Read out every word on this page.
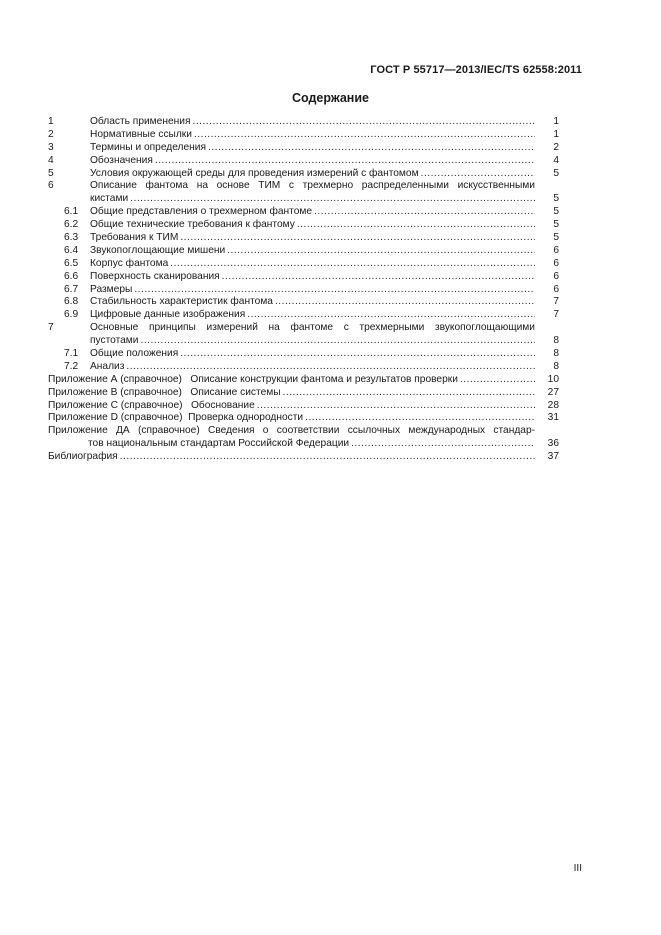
ГОСТ Р 55717—2013/IEC/TS 62558:2011
Содержание
1	Область применения .....	1
2	Нормативные ссылки .....	1
3	Термины и определения .....	2
4	Обозначения .....	4
5	Условия окружающей среды для проведения измерений с фантомом .....	5
6	Описание фантома на основе ТИМ с трехмерно распределенными искусственными
кистами .....	5
6.1	Общие представления о трехмерном фантоме .....	5
6.2	Общие технические требования к фантому .....	5
6.3	Требования к ТИМ .....	5
6.4	Звукопоглощающие мишени .....	6
6.5	Корпус фантома .....	6
6.6	Поверхность сканирования .....	6
6.7	Размеры .....	6
6.8	Стабильность характеристик фантома .....	7
6.9	Цифровые данные изображения .....	7
7	Основные принципы измерений на фантоме с трехмерными звукопоглощающими
пустотами .....	8
7.1	Общие положения .....	8
7.2	Анализ .....	8
Приложение А (справочное)   Описание конструкции фантома и результатов проверки .....	10
Приложение В (справочное)   Описание системы .....	27
Приложение С (справочное)   Обоснование .....	28
Приложение D (справочное)  Проверка однородности .....	31
Приложение ДА (справочное) Сведения о соответствии ссылочных международных стандар-
тов национальным стандартам Российской Федерации .....	36
Библиография .....	37
III
